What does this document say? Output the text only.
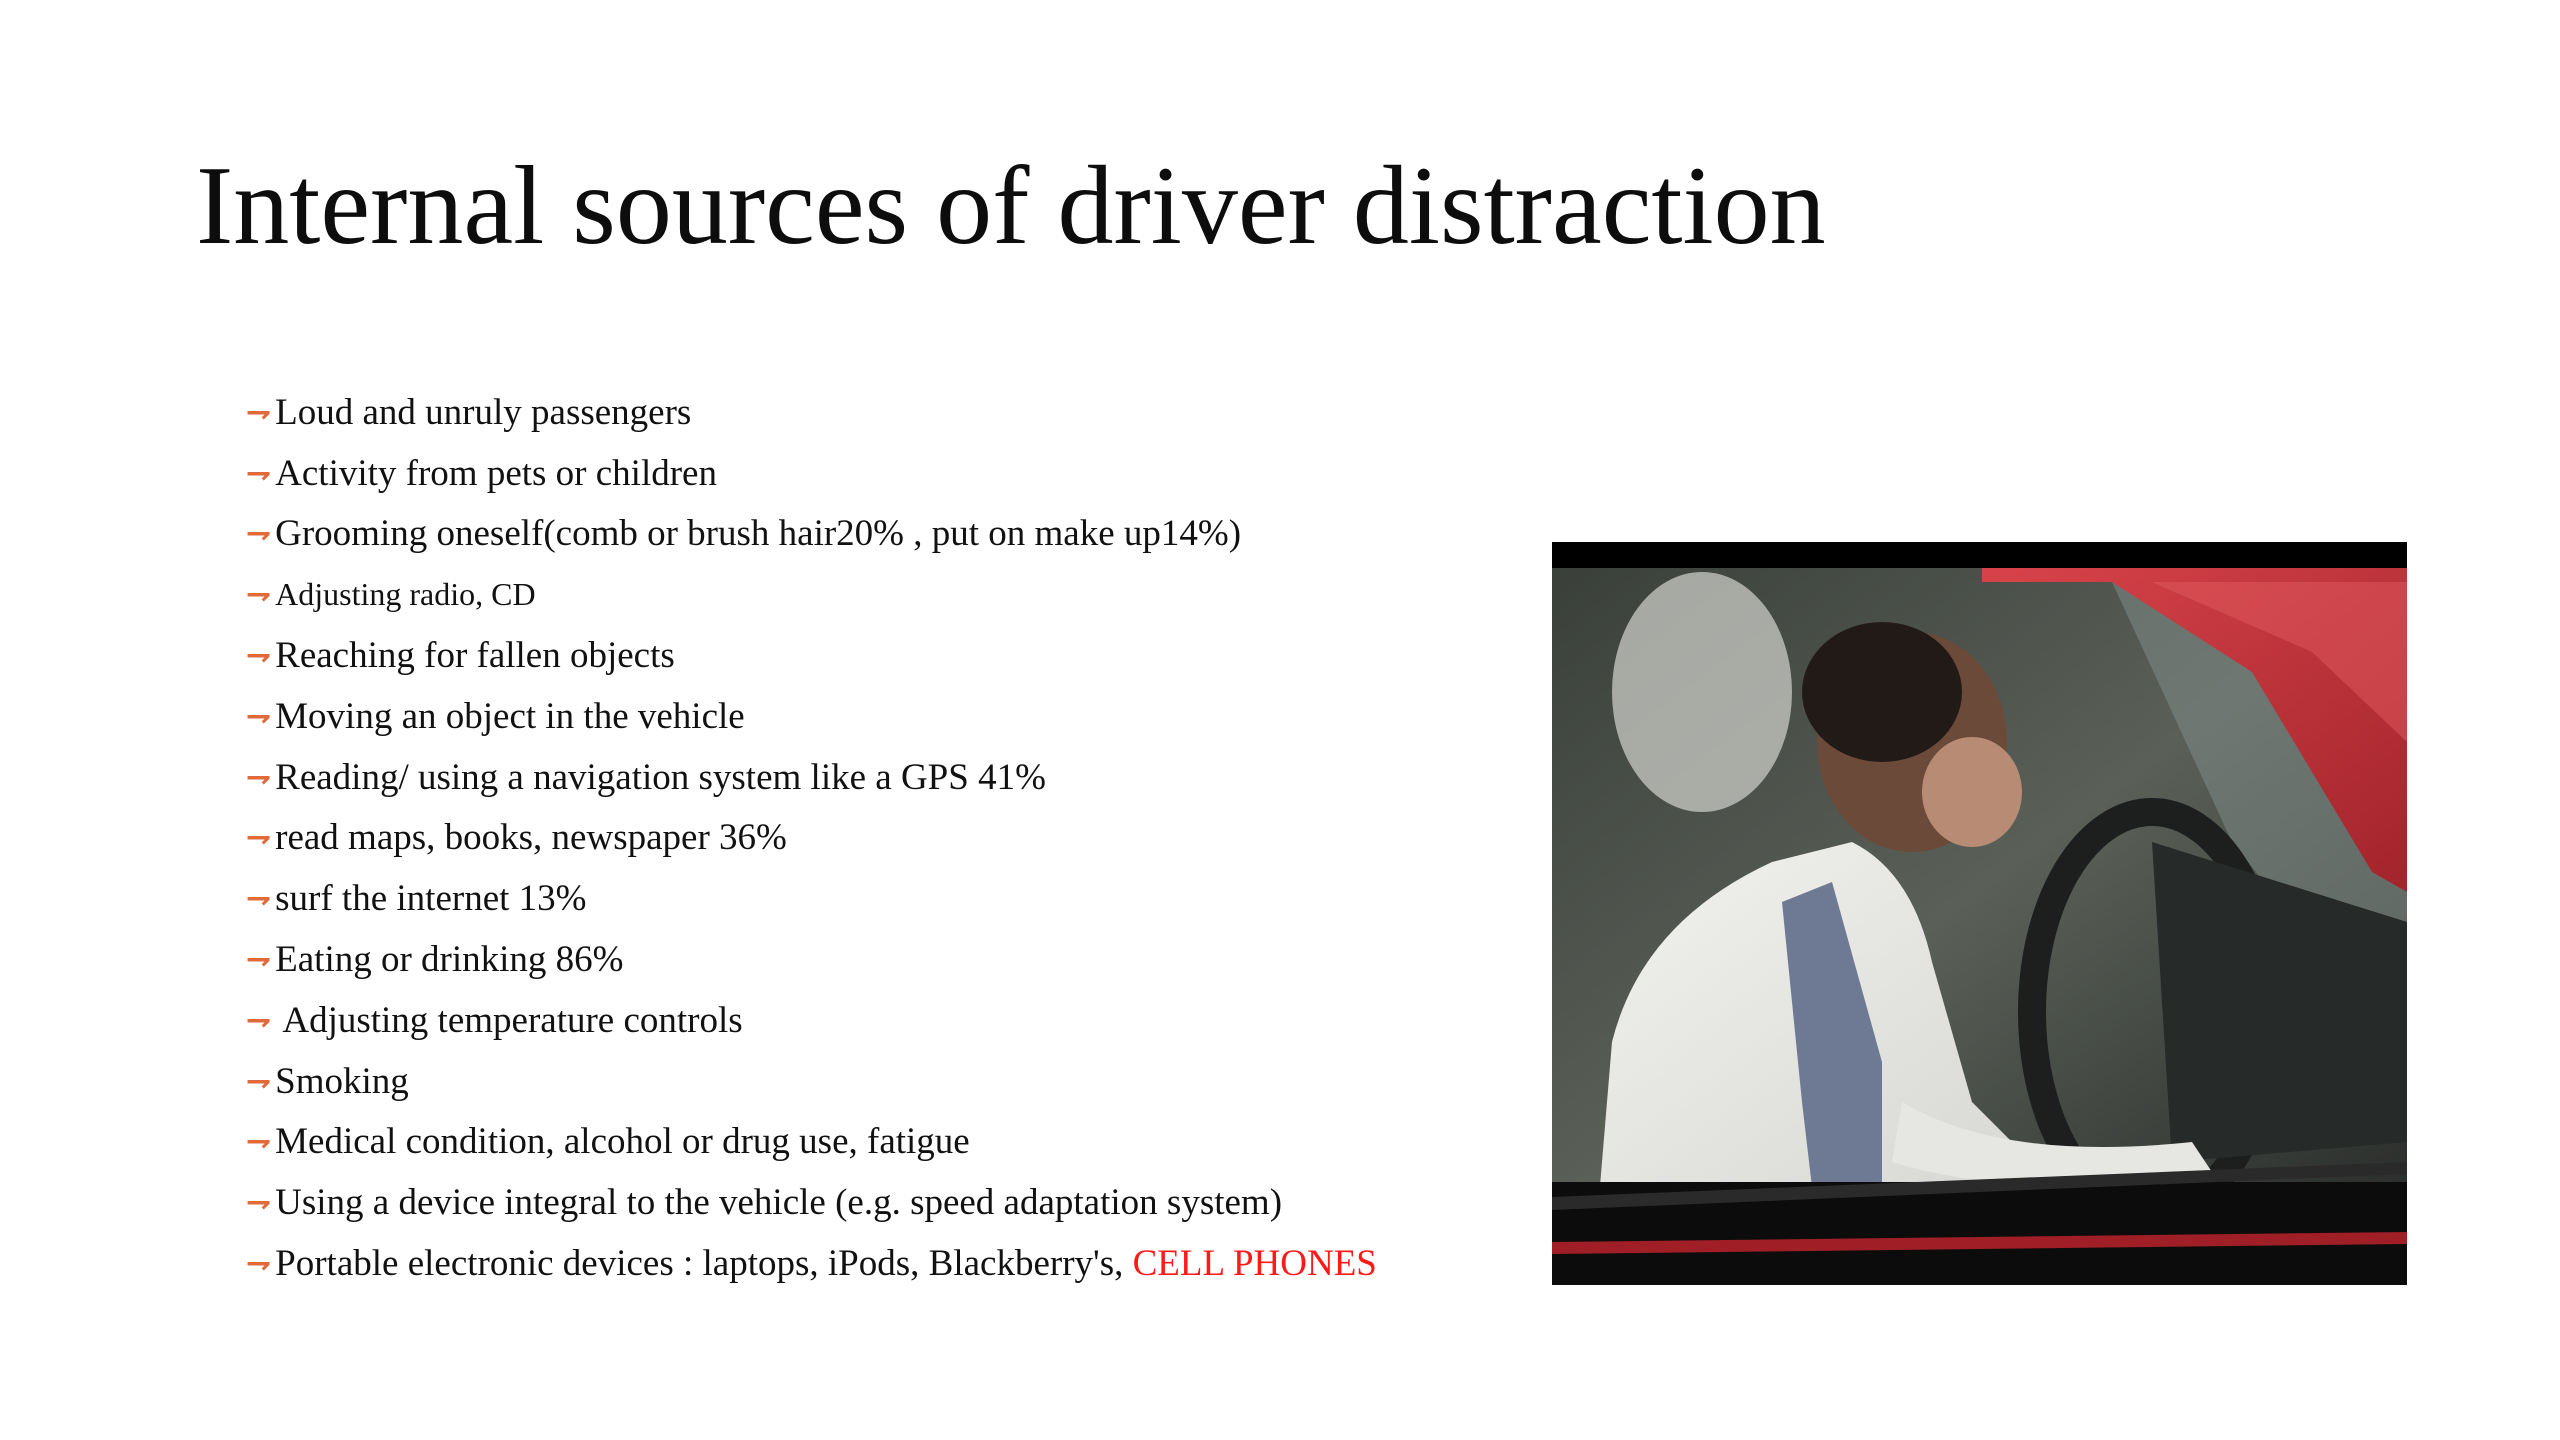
Internal sources of driver distraction
⇁ Loud and unruly passengers
⇁ Activity from pets or children
⇁ Grooming oneself(comb or brush hair20% , put on make up14%)
⇁ Adjusting radio, CD
⇁ Reaching for fallen objects
⇁ Moving an object in the vehicle
⇁ Reading/ using a navigation system like a GPS 41%
⇁ read maps, books, newspaper 36%
⇁ surf the internet 13%
⇁ Eating or drinking 86%
⇁ Adjusting temperature controls
⇁ Smoking
⇁ Medical condition, alcohol or drug use, fatigue
⇁ Using a device integral to the vehicle (e.g. speed adaptation system)
⇁ Portable electronic devices : laptops, iPods, Blackberry's, CELL PHONES
